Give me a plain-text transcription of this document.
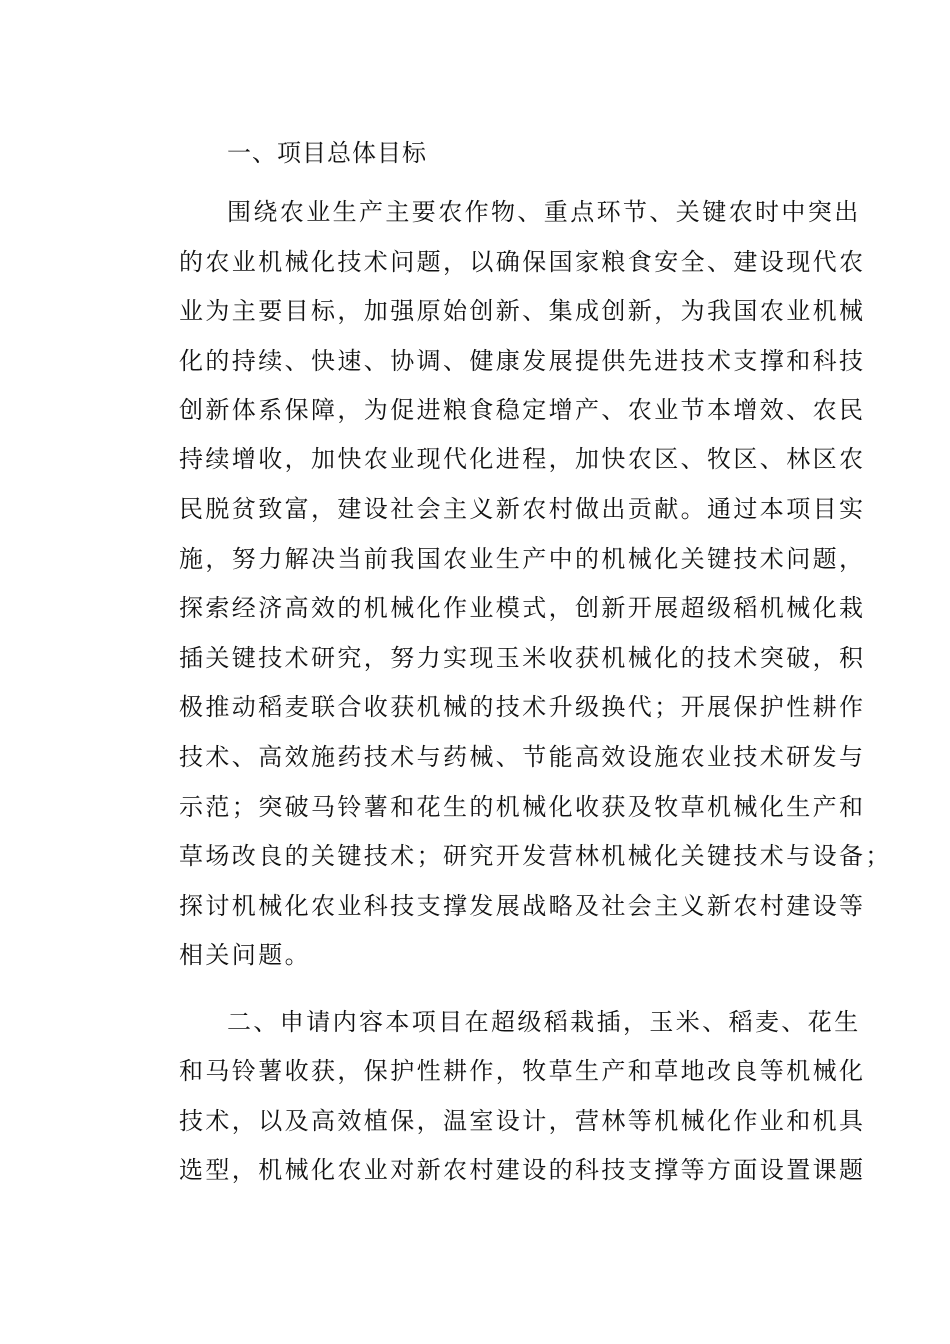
一、项目总体目标
围绕农业生产主要农作物、重点环节、关键农时中突出
的农业机械化技术问题，以确保国家粮食安全、建设现代农
业为主要目标，加强原始创新、集成创新，为我国农业机械
化的持续、快速、协调、健康发展提供先进技术支撑和科技
创新体系保障，为促进粮食稳定增产、农业节本增效、农民
持续增收，加快农业现代化进程，加快农区、牧区、林区农
民脱贫致富，建设社会主义新农村做出贡献。通过本项目实
施，努力解决当前我国农业生产中的机械化关键技术问题，
探索经济高效的机械化作业模式，创新开展超级稻机械化栽
插关键技术研究，努力实现玉米收获机械化的技术突破，积
极推动稻麦联合收获机械的技术升级换代；开展保护性耕作
技术、高效施药技术与药械、节能高效设施农业技术研发与
示范；突破马铃薯和花生的机械化收获及牧草机械化生产和
草场改良的关键技术；研究开发营林机械化关键技术与设备；
探讨机械化农业科技支撑发展战略及社会主义新农村建设等
相关问题。
二、申请内容本项目在超级稻栽插，玉米、稻麦、花生
和马铃薯收获，保护性耕作，牧草生产和草地改良等机械化
技术，以及高效植保，温室设计，营林等机械化作业和机具
选型，机械化农业对新农村建设的科技支撑等方面设置课题
